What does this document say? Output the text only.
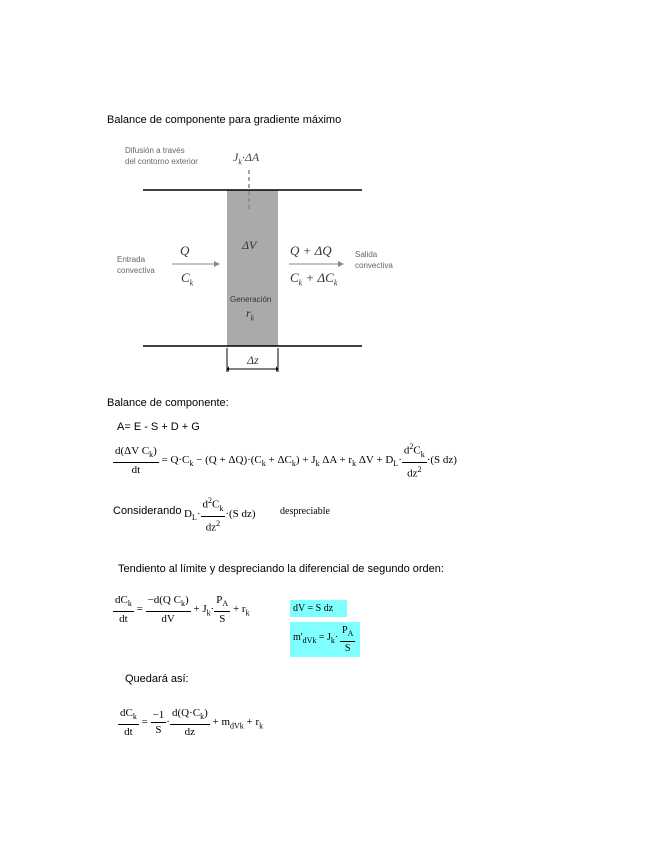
Balance de componente para gradiente máximo
Difusión a través
del contorno exterior	$J_k\cdot\Delta A$
Entrada
convectiva
Q
$C_k$
ΔV
Generación
$r_k$
Q + ΔQ
$C_k + \Delta C_k$
Salida
convectiva
Δz
Balance de componente:
A= E - S + D + G
$\frac{d(\Delta V C_k)}{dt} = Q\cdot C_k - (Q + \Delta Q)\cdot(C_k + \Delta C_k) + J_k$ $\Delta A + r_k$ $\Delta V + D_L\cdot \frac{d^2C_k}{dz^2} \cdot(S$ dz)
Considerando $D_L\cdot \frac{d^2C_k}{dz^2} \cdot(S$ dz) despreciable
Tendiento al límite y despreciando la diferencial de segundo orden:
$\frac{dC_k}{dt} = \frac{-d(Q C_k)}{dV} + J_k\cdot \frac{P_A}{S} + r_k$	dV = S dz
$m'_{dVk} = J_k\cdot \frac{P_A}{S}$
Quedará así:
$\frac{dC_k}{dt} = \frac{-1}{S} \cdot \frac{d(Q\cdot C_k)}{dz} + m_{dVk} + r_k$
